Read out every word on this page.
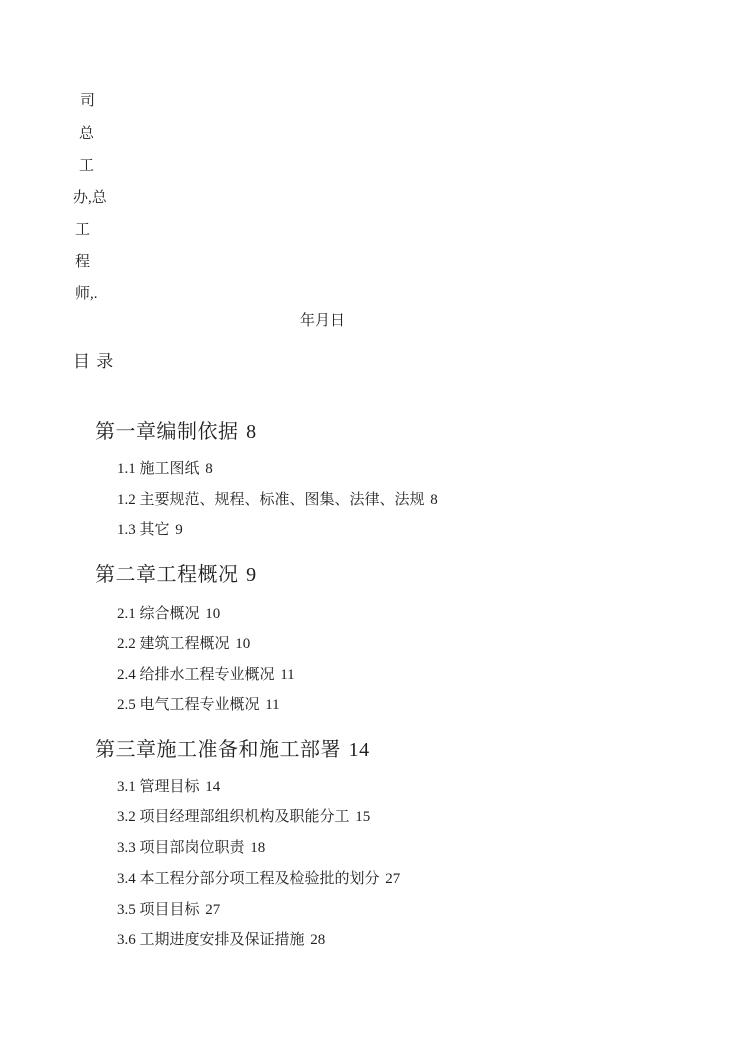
司
总
工
办,总
工
程
师,.
年月日
目 录

第一章编制依据 8

1.1 施工图纸 8

1.2 主要规范、规程、标准、图集、法律、法规 8

1.3 其它 9

第二章工程概况 9

2.1 综合概况 10

2.2 建筑工程概况 10

2.4 给排水工程专业概况 11

2.5 电气工程专业概况 11

第三章施工准备和施工部署 14

3.1 管理目标 14

3.2 项目经理部组织机构及职能分工 15

3.3 项目部岗位职责 18

3.4 本工程分部分项工程及检验批的划分 27

3.5 项目目标 27

3.6 工期进度安排及保证措施 28
